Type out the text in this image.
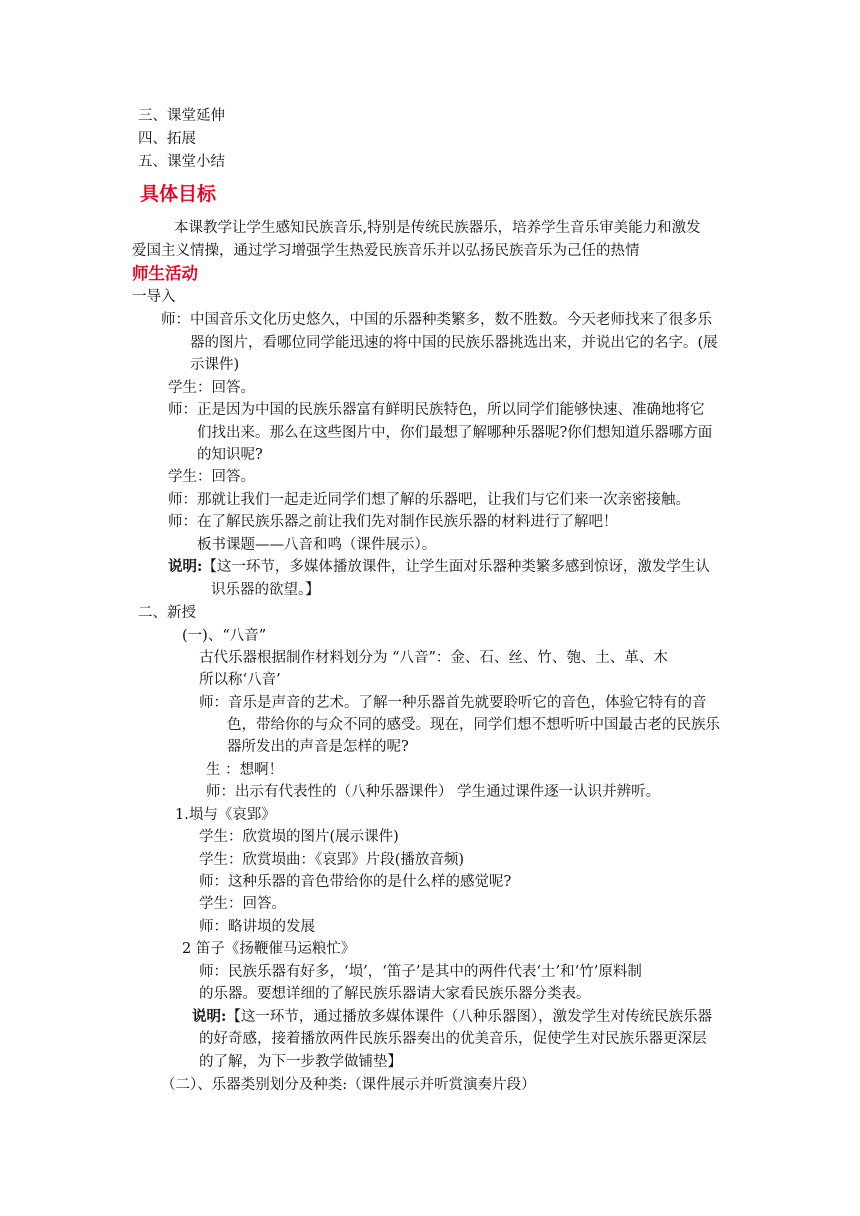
三、课堂延伸
四、拓展
五、课堂小结
具体目标
本课教学让学生感知民族音乐,特别是传统民族器乐，培养学生音乐审美能力和激发
爱国主义情操，通过学习增强学生热爱民族音乐并以弘扬民族音乐为己任的热情
师生活动
一导入
师：中国音乐文化历史悠久，中国的乐器种类繁多，数不胜数。今天老师找来了很多乐
器的图片，看哪位同学能迅速的将中国的民族乐器挑选出来，并说出它的名字。(展
示课件)
学生：回答。
师：正是因为中国的民族乐器富有鲜明民族特色，所以同学们能够快速、准确地将它
们找出来。那么在这些图片中，你们最想了解哪种乐器呢?你们想知道乐器哪方面
的知识呢?
学生：回答。
师：那就让我们一起走近同学们想了解的乐器吧，让我们与它们来一次亲密接触。
师：在了解民族乐器之前让我们先对制作民族乐器的材料进行了解吧！
板书课题——八音和鸣（课件展示）。
说明:【这一环节，多媒体播放课件，让学生面对乐器种类繁多感到惊讶，激发学生认
识乐器的欲望。】
二、新授
(一)、“八音”
古代乐器根据制作材料划分为 “八音”：金、石、丝、竹、匏、土、革、木
所以称‘八音’
师：音乐是声音的艺术。了解一种乐器首先就要聆听它的音色，体验它特有的音
色，带给你的与众不同的感受。现在，同学们想不想听听中国最古老的民族乐
器所发出的声音是怎样的呢?
生 ：想啊！
师：出示有代表性的（八种乐器课件） 学生通过课件逐一认识并辨听。
1.埙与《哀郢》
学生：欣赏埙的图片(展示课件)
学生：欣赏埙曲：《哀郢》片段(播放音频)
师：这种乐器的音色带给你的是什么样的感觉呢?
学生：回答。
师：略讲埙的发展
2 笛子《扬鞭催马运粮忙》
师：民族乐器有好多，‘埙’，‘笛子’是其中的两件代表‘土’和‘竹’原料制
的乐器。要想详细的了解民族乐器请大家看民族乐器分类表。
说明:【这一环节，通过播放多媒体课件（八种乐器图），激发学生对传统民族乐器
的好奇感，接着播放两件民族乐器奏出的优美音乐，促使学生对民族乐器更深层
的了解，为下一步教学做铺垫】
（二）、乐器类别划分及种类:（课件展示并听赏演奏片段）
